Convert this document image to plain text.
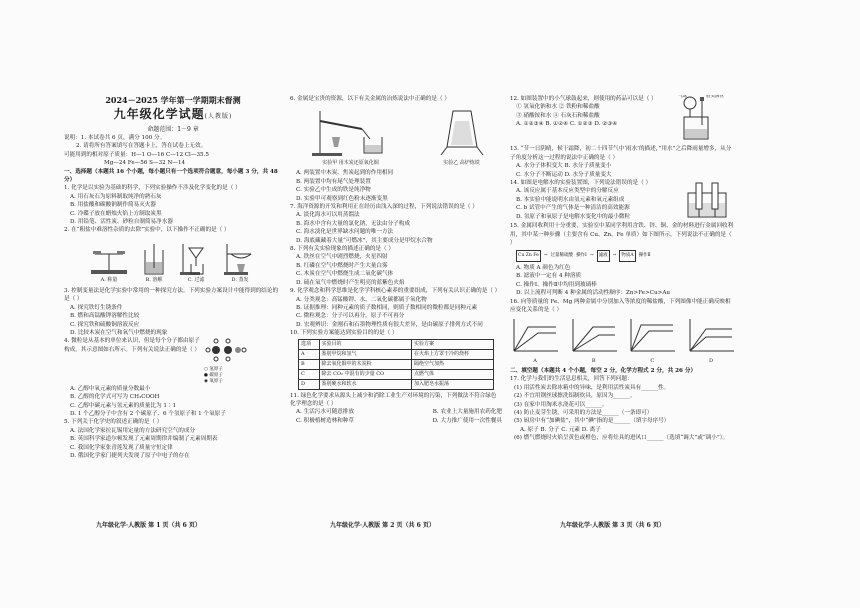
2024－2025 学年第一学期期末督测
九年级化学试题(人教版)
命题范围：1－9 章
说明：1. 本试卷共 6 页，满分 100 分。
2. 请将所有答案填写在答题卡上，答在试卷上无效。
可能用到的相对原子质量：H—1 O—16 C—12 Cl—35.5
Mg—24 Fe—56 S—32 N—14
一、选择题（本题共 16 个小题，每小题只有一个选项符合题意，每小题 3 分，共 48 分）
1. 化学是以实验为基础的科学，下列实验操作不涉及化学变化的是（ ）
A. 用石灰石为原料制取纯净的熟石灰
B. 用盐酸和碳酸钠制作简易灭火器
C. 冷碟子放在蜡烛火焰上方制取炭黑
D. 用铅笔、活性炭、砂粒自制简易净水器
2. 在“粗盐中难溶性杂质的去除”实验中，以下操作不正确的是（ ）
A. 称量	B. 溶解	C. 过滤	D. 蒸发
3. 控制变量法是化学实验中常用的一种探究方法。下列实验方案设计中能得到的结论的是（ ）
A. 探究铁钉生锈条件
B. 燃和高锰酸钾溶解性比较
C. 探究铁和硫酸铜溶液反应
D. 比较木炭在空气和氧气中燃烧的现象
4. 微粒是从基本的单位来认识，但是每个分子都由原子构成。其示意图如右所示。下列有关说法正确的是（ ）
○ 氢原子
● 碳原子
◉ 氧原子
A. 乙醇中氧元素的质量分数最小
B. 乙醇的化学式可写为 CH₃COOH
C. 乙醇中碳元素与氢元素的质量比为 1∶1
D. 1 个乙醇分子中含有 2 个碳原子、6 个氢原子和 1 个氧原子
5. 下列关于化学史的叙述正确的是（ ）
A. 法国化学家拉瓦锡用定量的方法研究空气的成分
B. 英国科学家道尔顿发现了元素周期律并编制了元素周期表
C. 我国化学家张青莲发现了质量守恒定律
D. 俄国化学家门捷列夫发现了原子中电子的存在
6. 金属是宝贵的资源，以下有关金属的冶炼说法中正确的是（ ）
实验甲 用木炭还原氧化铜	实验乙 高炉炼铁
A. 两装置中木炭、焦炭起到的作用相同
B. 两装置中均有尾气处理装置
C. 实验乙中生成的铁是纯净物
D. 实验甲可观察到红色粉末逐渐变黑
7. 海洋资源的开发和利用正在经历由浅入深的过程，下列说法错误的是（ ）
A. 淡化海水可以用蒸馏法
B. 海水中含有大量的氯化钠，无法由分子构成
C. 海水淡化是世界缺水问题的唯一方法
D. 海底藏藏着大量“可燃冰”，其主要成分是甲烷水合物
8. 下列有关实验现象的描述正确的是（ ）
A. 铁丝在空气中剧烈燃烧，火星四射
B. 红磷在空气中燃烧时产生大量白雾
C. 木炭在空气中燃烧生成二氧化碳气体
D. 硫在氧气中燃烧时产生明亮的蓝紫色火焰
9. 化学观念和科学思维是化学学科核心素养的重要组成，下列有关认识正确的是（ ）
A. 分类观念：高锰酸钾、水、二氧化碳都属于氧化物
B. 证据推理：同种元素的质子数相同，则质子数相同的微粒都是同种元素
C. 微粒观念：分子可以再分，原子不可再分
D. 宏观辨识：金刚石和石墨物理性质有很大差异，是由碳原子排列方式不同
10. 下列实验方案能达到实验目的的是（ ）
选项	实验目的	实验方案
A	鉴别甲烷和氢气	在火焰上方罩干冷的烧杯
B	除去氧化铜中的木炭粉	隔绝空气加热
C	除去 CO₂ 中混有的少量 CO	点燃气体
D	鉴别硬水和软水	加入肥皂水振荡
11. 绿色化学要求从源头上减少和消除工业生产对环境的污染，下列做法不符合绿色化学理念的是（ ）
A. 生活污水可随意排放	B. 农业上大量施用农药化肥
C. 积极植树造林和种草	D. 大力推广使用一次性餐具
12. 如图装置中的小气球鼓起来，则使用的药品可以是（ ）
① 氢氧化钠和水 ② 铁粉和稀盐酸
③ 硝酸铵和水 ④ 石灰石和稀盐酸
A. ①②③④ B. ①②④ C. ①②③ D. ②③④
气球	胶头滴管
13. “节一日阴晴，候于霜降，初二十四节气中‘雨水’的描述，”用水”之后降雨量增多，从分子角度分析这一过程的说法中正确的是（ ）
A. 水分子体积变大 B. 水分子质量变小
C. 水分子不断运动 D. 水分子质量变大
14. 如图是电解水的实验装置图，下列说法错误的是（ ）
A. 该反应属于基本反应类型中的分解反应
B. 本实验中能说明水由氢元素和氧元素组成
C. b 试管中产生的气体是一种清洁的高效能源
D. 氢原子和氧原子是电解水变化中的最小微粒
15. 金属回收利用十分重要，实验室中某同学利用含铁、锌、铜、金的材料进行金属回收利用，其中某一种步骤（主要含有 Cu、Zn、Fe 单质）如下图所示，下列说法不正确的是（ ）
Cu Zn Fe	→ 过量稀硫酸 操作Ⅰ →	滤液	→	物质A	操作Ⅱ
A. 物质 A 颜色为红色
B. 滤液中一定有 4 种溶质
C. 操作Ⅰ、操作Ⅱ中均用到玻璃棒
D. 以上流程可判断 4 种金属的活动性顺序：Zn>Fe>Cu>Au
16. 向等质量的 Fe、Mg 两种金属中分别加入等浓度的稀盐酸，下列图像中能正确反映相应变化关系的是（ ）
A	B	C	D
二、填空题（本题共 4 个小题，每空 2 分，化学方程式 2 分，共 26 分）
17. 化学与我们的生活息息相关，回答下列问题：
(1) 用活性炭去除冰箱中的异味，是利用活性炭具有______性。
(2) 不宜用钢丝球擦洗铝制炊具，原因为______。
(3) 在家中用淘米水浇花可以______。
(4) 防止麦芽生锈，可采用的方法是______（一条即可）
(5) 厨房中有“加碘盐”，其中“碘”指的是______（填字母序号）
A. 原子 B. 分子 C. 元素 D. 离子
(6) 燃气燃烧时火焰呈黄色或橙色，应将灶具的进风口______（选填“调大”或“调小”）。
九年级化学·人教版 第 1 页（共 6 页）	九年级化学·人教版 第 2 页（共 6 页）	九年级化学·人教版 第 3 页（共 6 页）
